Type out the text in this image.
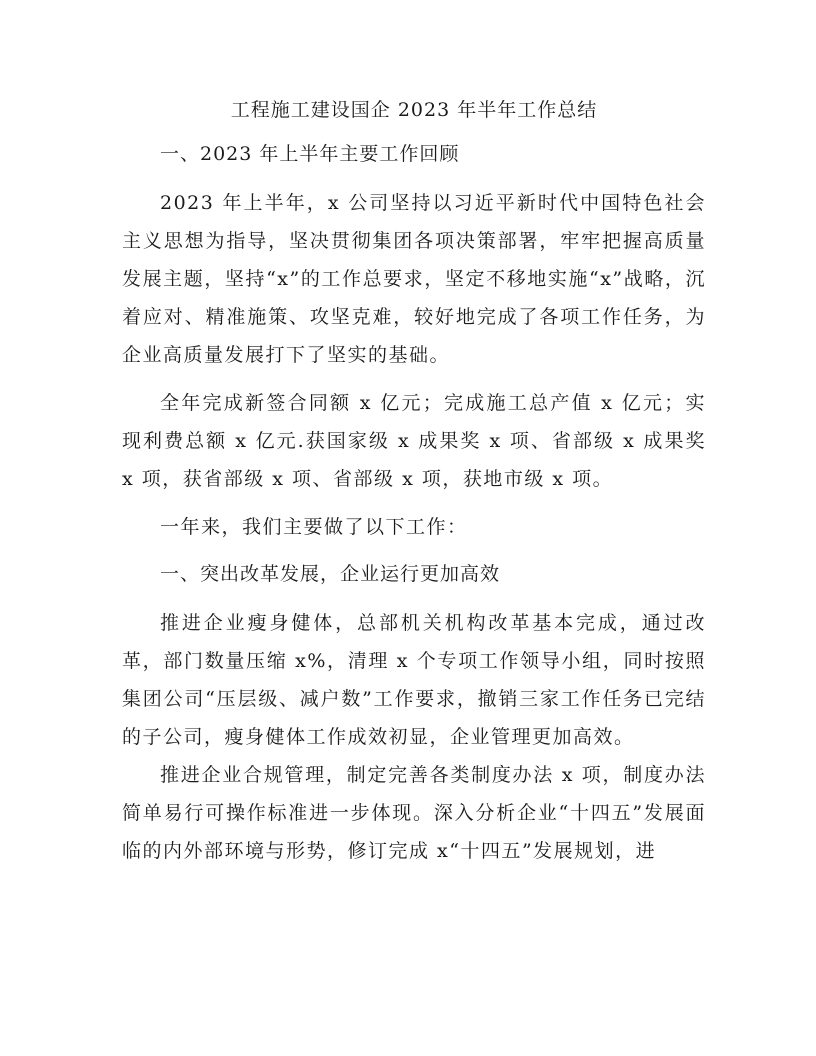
工程施工建设国企 2023 年半年工作总结
一、2023 年上半年主要工作回顾

2023 年上半年，x 公司坚持以习近平新时代中国特色社会主义思想为指导，坚决贯彻集团各项决策部署，牢牢把握高质量发展主题，坚持“x”的工作总要求，坚定不移地实施“x”战略，沉着应对、精准施策、攻坚克难，较好地完成了各项工作任务，为企业高质量发展打下了坚实的基础。

全年完成新签合同额 x 亿元；完成施工总产值 x 亿元；实现利费总额 x 亿元.获国家级 x 成果奖 x 项、省部级 x 成果奖 x 项，获省部级 x 项、省部级 x 项，获地市级 x 项。

一年来，我们主要做了以下工作：

一、突出改革发展，企业运行更加高效

推进企业瘦身健体，总部机关机构改革基本完成，通过改革，部门数量压缩 x%，清理 x 个专项工作领导小组，同时按照集团公司“压层级、减户数”工作要求，撤销三家工作任务已完结的子公司，瘦身健体工作成效初显，企业管理更加高效。

推进企业合规管理，制定完善各类制度办法 x 项，制度办法简单易行可操作标准进一步体现。深入分析企业“十四五”发展面临的内外部环境与形势，修订完成 x“十四五”发展规划，进
